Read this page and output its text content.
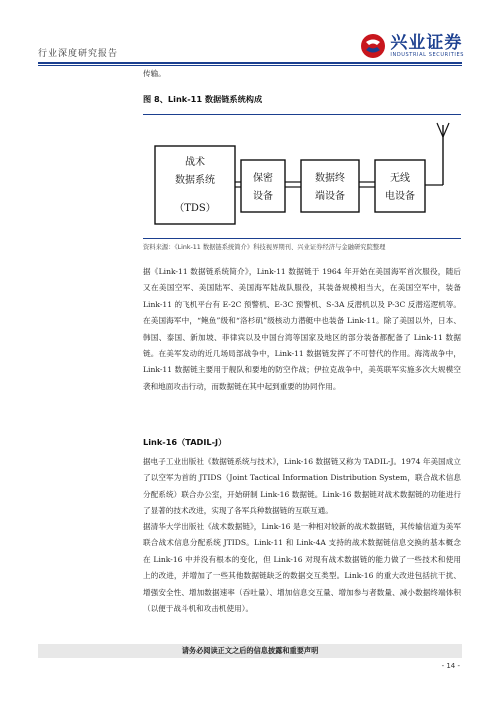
行业深度研究报告
兴业证券
INDUSTRIAL SECURITIES
传输。
图 8、Link-11 数据链系统构成
战术
数据系统
（TDS）
保密
设备
数据终
端设备
无线
电设备
资料来源：《Link-11 数据链系统简介》科技视界期刊、兴业证券经济与金融研究院整理
据《Link-11 数据链系统简介》，Link-11 数据链于 1964 年开始在美国海军首次服役，随后又在美国空军、美国陆军、美国海军陆战队服役，其装备规模相当大，在美国空军中，装备 Link-11 的飞机平台有 E-2C 预警机、E-3C 预警机、S-3A 反潜机以及 P-3C 反潜巡逻机等。在美国海军中，“鲍鱼”级和“洛杉矶”级核动力潜艇中也装备 Link-11。除了美国以外，日本、韩国、泰国、新加坡、菲律宾以及中国台湾等国家及地区的部分装备都配备了 Link-11 数据链。在美军发动的近几场局部战争中，Link-11 数据链发挥了不可替代的作用。海湾战争中，Link-11 数据链主要用于舰队和要地的防空作战；伊拉克战争中，美英联军实施多次大规模空袭和地面攻击行动，而数据链在其中起到重要的协同作用。
Link-16（TADIL-J）
据电子工业出版社《数据链系统与技术》，Link-16 数据链又称为 TADIL-J。1974 年美国成立了以空军为首的 JTIDS（Joint Tactical Information Distribution System，联合战术信息分配系统）联合办公室，开始研制 Link-16 数据链。Link-16 数据链对战术数据链的功能进行了显著的技术改进，实现了各军兵种数据链的互联互通。
据清华大学出版社《战术数据链》，Link-16 是一种相对较新的战术数据链，其传输信道为美军联合战术信息分配系统 JTIDS。Link-11 和 Link-4A 支持的战术数据链信息交换的基本概念在 Link-16 中并没有根本的变化，但 Link-16 对现有战术数据链的能力做了一些技术和使用上的改进，并增加了一些其他数据链缺乏的数据交互类型。Link-16 的重大改进包括抗干扰、增强安全性、增加数据速率（吞吐量）、增加信息交互量、增加参与者数量、减小数据终端体积（以便于战斗机和攻击机使用）。
请务必阅读正文之后的信息披露和重要声明
- 14 -
